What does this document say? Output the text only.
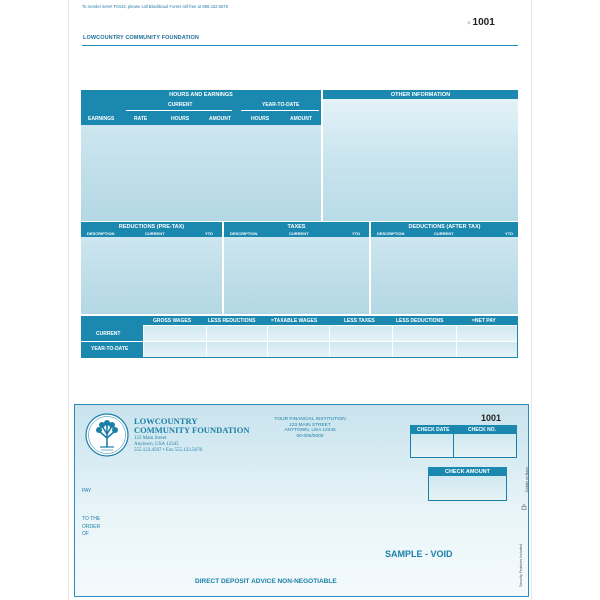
To reorder item# F0443, please call Blackbaud Forms toll-free at 888.432.5578
× 1001
LOWCOUNTRY COMMUNITY FOUNDATION
HOURS AND EARNINGS
CURRENT	YEAR-TO-DATE
EARNINGS	RATE	HOURS	AMOUNT	HOURS	AMOUNT
OTHER INFORMATION
REDUCTIONS (PRE-TAX)
DESCRIPTION	CURRENT	YTD
TAXES
DESCRIPTION	CURRENT	YTD
DEDUCTIONS (AFTER TAX)
DESCRIPTION	CURRENT	YTD
CURRENT
YEAR-TO-DATE
GROSS WAGES	LESS REDUCTIONS	=TAXABLE WAGES	LESS TAXES	LESS DEDUCTIONS	=NET PAY
LOWCOUNTRY
COMMUNITY FOUNDATION
123 Main Street
Anytown, USA 12345
555.123.4567 • Fax 555.123.5678
YOUR FINANCIAL INSTITUTION
123 MAIN STREET
ANYTOWN, USA 12345
00-000/0000
1001
CHECK DATE	CHECK NO.
CHECK AMOUNT
PAY
TO THE
ORDER
OF
SAMPLE - VOID
DIRECT DEPOSIT ADVICE NON-NEGOTIABLE	Security Features Included
Details on Back
